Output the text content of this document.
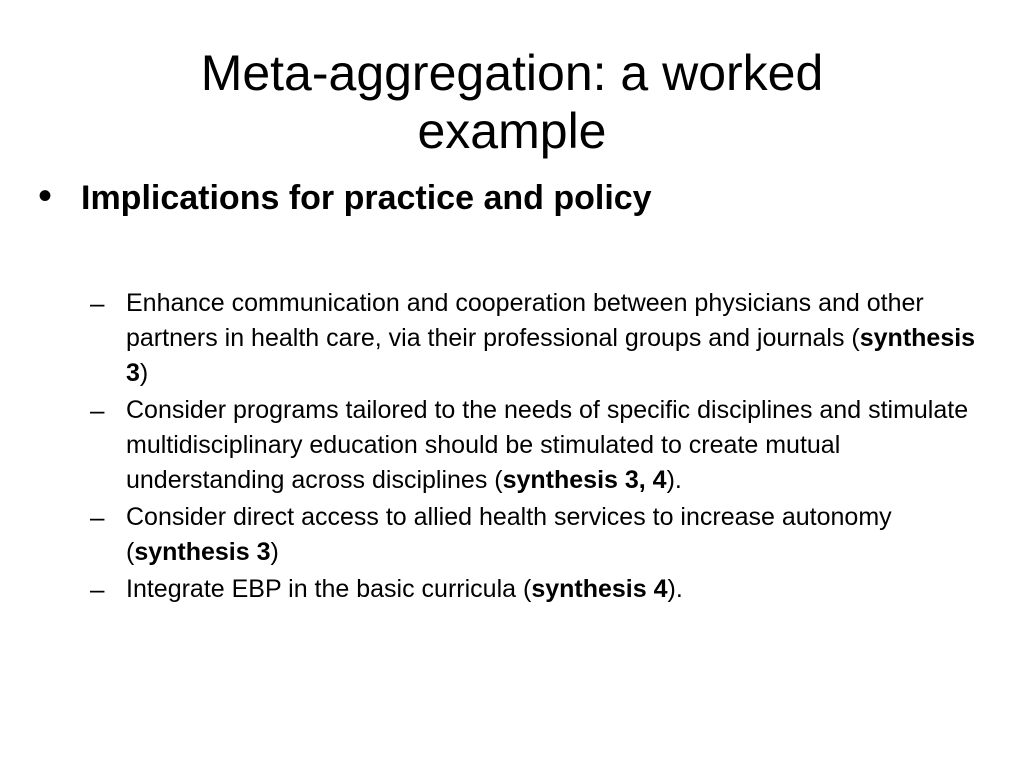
Meta-aggregation: a worked
example
• Implications for practice and policy
– Enhance communication and cooperation between physicians and other partners in health care, via their professional groups and journals (synthesis 3)
– Consider programs tailored to the needs of specific disciplines and stimulate multidisciplinary education should be stimulated to create mutual understanding across disciplines (synthesis 3, 4).
– Consider direct access to allied health services to increase autonomy (synthesis 3)
– Integrate EBP in the basic curricula (synthesis 4).
